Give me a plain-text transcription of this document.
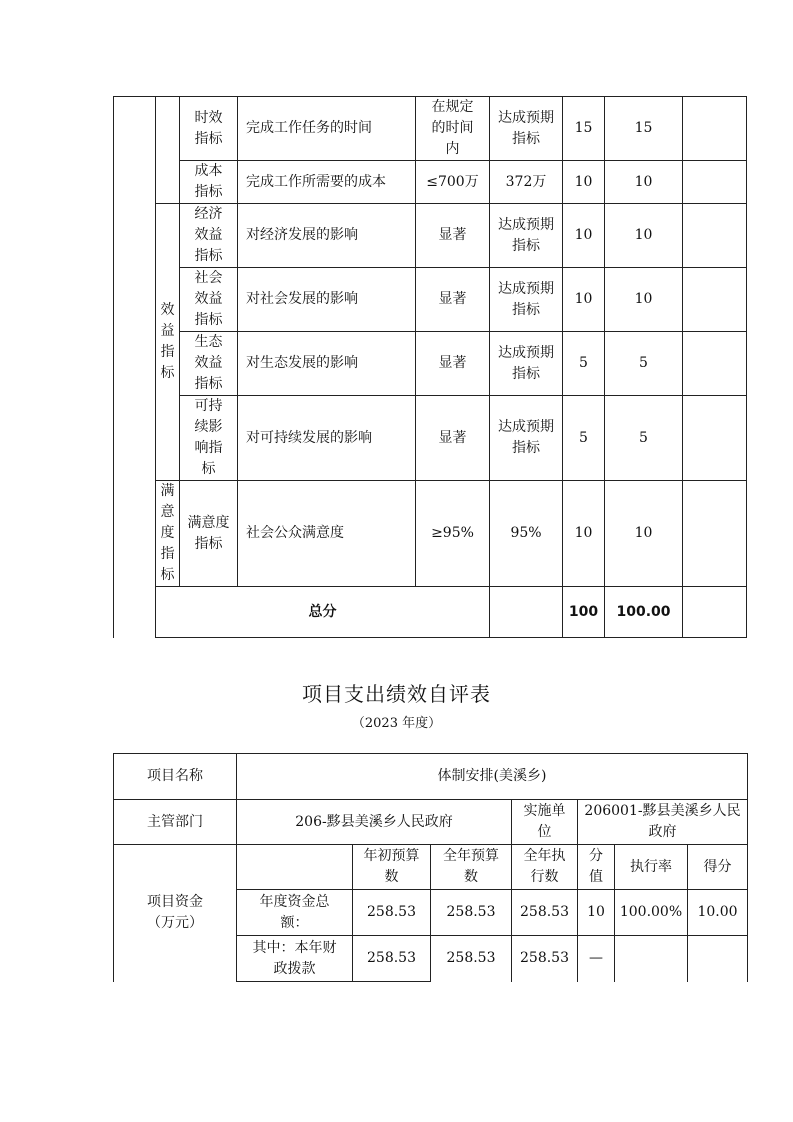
		时效指标	完成工作任务的时间	在规定的时间内	达成预期指标	15	15	
		成本指标	完成工作所需要的成本	≤700万	372万	10	10	
	效益指标	经济效益指标	对经济发展的影响	显著	达成预期指标	10	10	
		社会效益指标	对社会发展的影响	显著	达成预期指标	10	10	
		生态效益指标	对生态发展的影响	显著	达成预期指标	5	5	
		可持续影响指标	对可持续发展的影响	显著	达成预期指标	5	5	
	满意度指标	满意度指标	社会公众满意度	≥95%	95%	10	10	
	总分					100	100.00	
项目支出绩效自评表
（2023 年度）
项目名称	体制安排(美溪乡)						
主管部门	206-黟县美溪乡人民政府			实施单位	206001-黟县美溪乡人民政府		
项目资金（万元）		年初预算数	全年预算数	全年执行数	分值	执行率	得分
	年度资金总额：	258.53	258.53	258.53	10	100.00%	10.00
	其中：本年财政拨款	258.53	258.53	258.53	—		
